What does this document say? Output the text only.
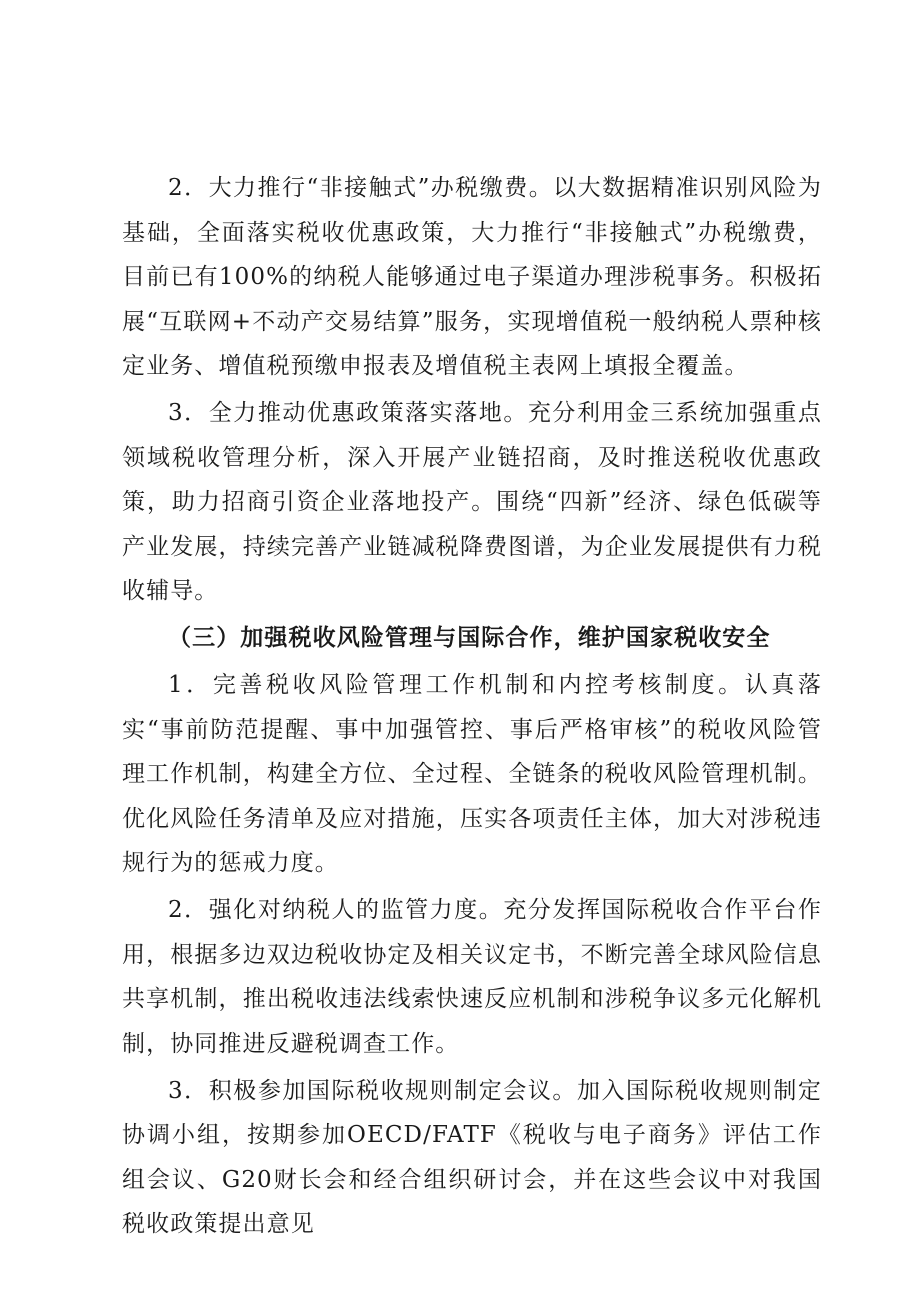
2．大力推行“非接触式”办税缴费。以大数据精准识别风险为基础，全面落实税收优惠政策，大力推行“非接触式”办税缴费，目前已有100%的纳税人能够通过电子渠道办理涉税事务。积极拓展“互联网+不动产交易结算”服务，实现增值税一般纳税人票种核定业务、增值税预缴申报表及增值税主表网上填报全覆盖。

3．全力推动优惠政策落实落地。充分利用金三系统加强重点领域税收管理分析，深入开展产业链招商，及时推送税收优惠政策，助力招商引资企业落地投产。围绕“四新”经济、绿色低碳等产业发展，持续完善产业链减税降费图谱，为企业发展提供有力税收辅导。

（三）加强税收风险管理与国际合作，维护国家税收安全

1．完善税收风险管理工作机制和内控考核制度。认真落实“事前防范提醒、事中加强管控、事后严格审核”的税收风险管理工作机制，构建全方位、全过程、全链条的税收风险管理机制。优化风险任务清单及应对措施，压实各项责任主体，加大对涉税违规行为的惩戒力度。

2．强化对纳税人的监管力度。充分发挥国际税收合作平台作用，根据多边双边税收协定及相关议定书，不断完善全球风险信息共享机制，推出税收违法线索快速反应机制和涉税争议多元化解机制，协同推进反避税调查工作。

3．积极参加国际税收规则制定会议。加入国际税收规则制定协调小组，按期参加OECD/FATF《税收与电子商务》评估工作组会议、G20财长会和经合组织研讨会，并在这些会议中对我国税收政策提出意见
